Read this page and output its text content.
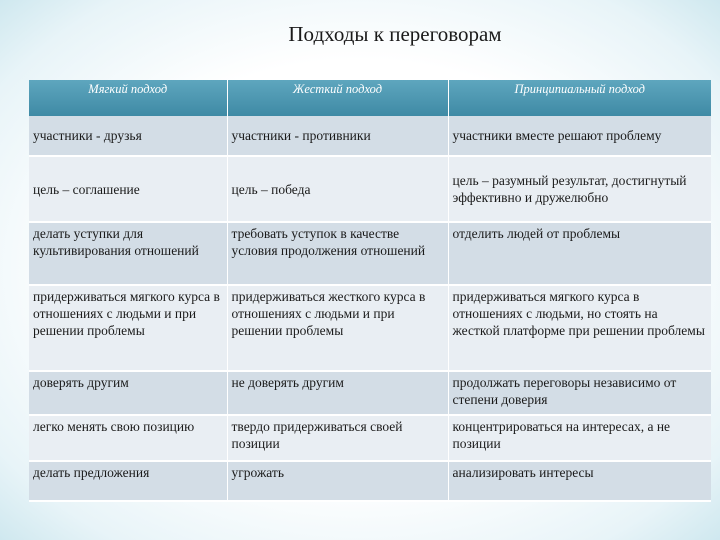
Подходы к переговорам
Мягкий подход	Жесткий подход	Принципиальный подход
участники - друзья	участники - противники	участники вместе решают проблему
цель – соглашение	цель – победа	цель – разумный результат, достигнутый эффективно и дружелюбно
делать уступки для культивирования отношений	требовать уступок в качестве условия продолжения отношений	отделить людей от проблемы
придерживаться мягкого курса в отношениях с людьми и при решении проблемы	придерживаться жесткого курса в отношениях с людьми и при решении проблемы	придерживаться мягкого курса в отношениях с людьми, но стоять на жесткой платформе при решении проблемы
доверять другим	не доверять другим	продолжать переговоры независимо от степени доверия
легко менять свою позицию	твердо придерживаться своей позиции	концентрироваться на интересах, а не позиции
делать предложения	угрожать	анализировать интересы
